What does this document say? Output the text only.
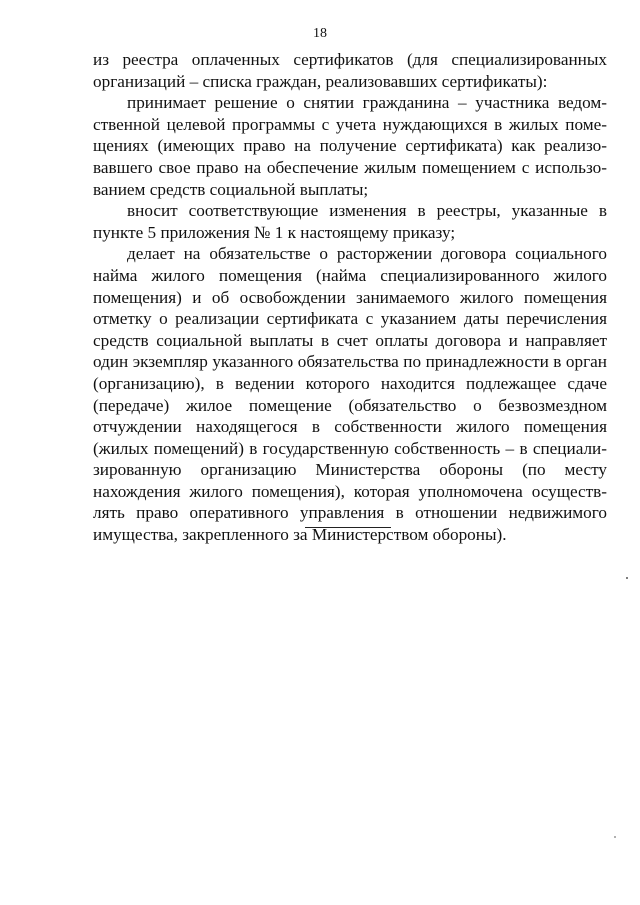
18

из реестра оплаченных сертификатов (для специализированных организаций – списка граждан, реализовавших сертификаты):

принимает решение о снятии гражданина – участника ведомственной целевой программы с учета нуждающихся в жилых помещениях (имеющих право на получение сертификата) как реализовавшего свое право на обеспечение жилым помещением с использованием средств социальной выплаты;

вносит соответствующие изменения в реестры, указанные в пункте 5 приложения № 1 к настоящему приказу;

делает на обязательстве о расторжении договора социального найма жилого помещения (найма специализированного жилого помещения) и об освобождении занимаемого жилого помещения отметку о реализации сертификата с указанием даты перечисления средств социальной выплаты в счет оплаты договора и направляет один экземпляр указанного обязательства по принадлежности в орган (организацию), в ведении которого находится подлежащее сдаче (передаче) жилое помещение (обязательство о безвозмездном отчуждении находящегося в собственности жилого помещения (жилых помещений) в государственную собственность – в специализированную организацию Министерства обороны (по месту нахождения жилого помещения), которая уполномочена осуществлять право оперативного управления в отношении недвижимого имущества, закрепленного за Министерством обороны).
